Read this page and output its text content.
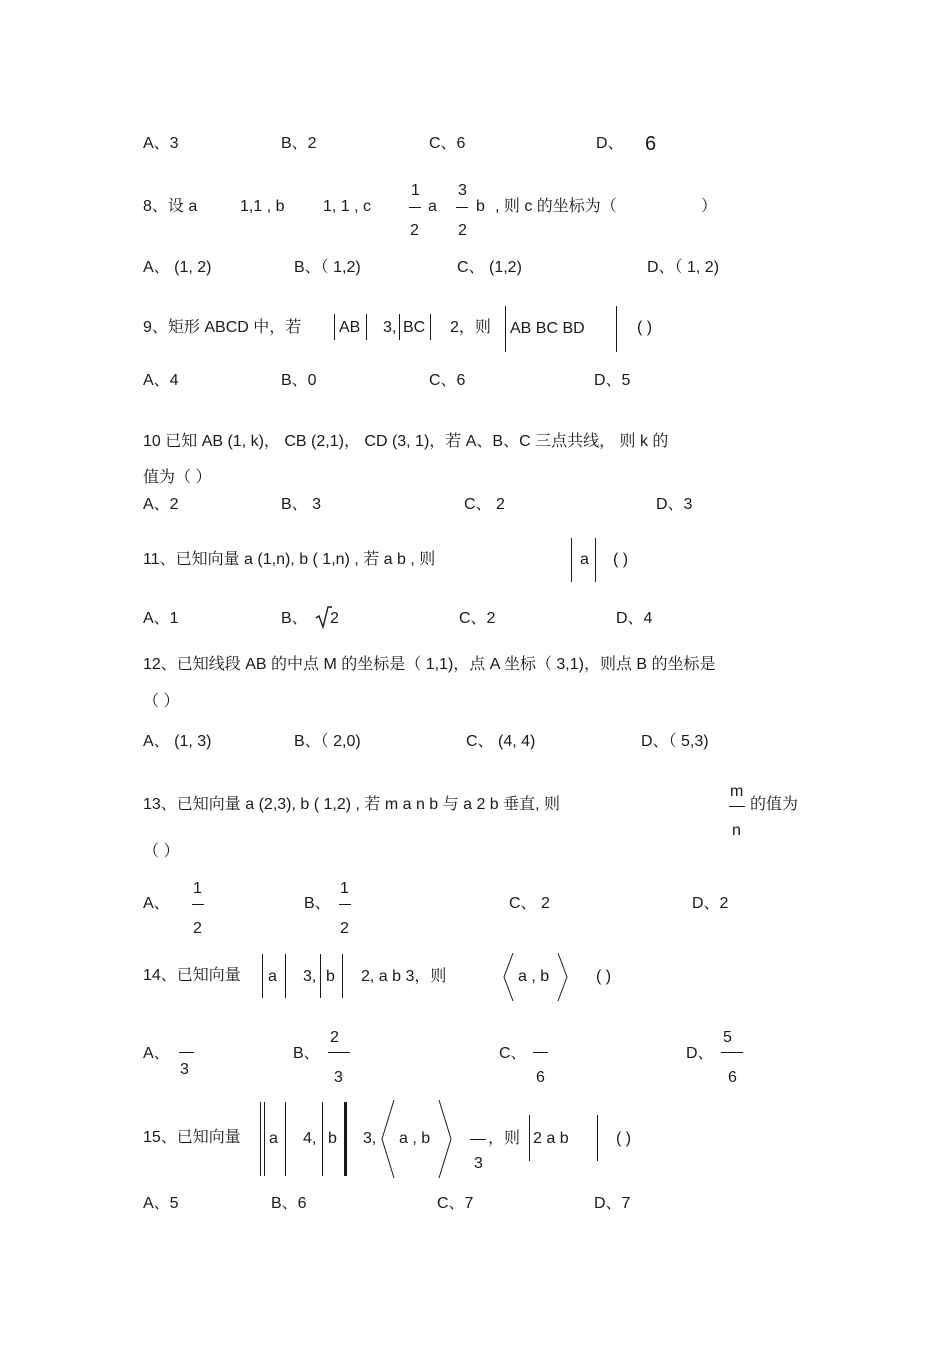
A、3	B、2	C、6	D、 6
8、设 a	1,1 , b 1, 1 , c
1
2
a
3
2
b , 则 c 的坐标为（	）
A、 (1, 2)	B、（ 1,2)	C、 (1,2)	D、（ 1, 2)
9、矩形 ABCD 中，若 AB 3, BC 2，则 AB BC BD	( )
A、4	B、0	C、6	D、5
10 已知 AB (1, k)， CB (2,1)， CD (3, 1)，若 A、B、C 三点共线， 则 k 的
值为（ ）
A、2	B、 3	C、 2	D、3
11、已知向量 a (1,n), b ( 1,n) , 若 a b , 则	a ( )
A、1	B、 2	C、2	D、4
12、已知线段 AB 的中点 M 的坐标是（ 1,1)，点 A 坐标（ 3,1)，则点 B 的坐标是
（ ）
A、 (1, 3)	B、（ 2,0)	C、 (4, 4)	D、（ 5,3)
13、已知向量 a (2,3), b ( 1,2) , 若 m a n b 与 a 2 b 垂直, 则
m
n
的值为
（ ）
A、
1
2
B、
1
2
C、 2	D、2
14、已知向量 a 3, b 2, a b 3，则	a , b	( )
A、
3
B、
2
3
C、
6
D、
5
6
15、已知向量 a 4, b 3, a , b
3
，则 2 a b	( )
A、5	B、6	C、7	D、7
